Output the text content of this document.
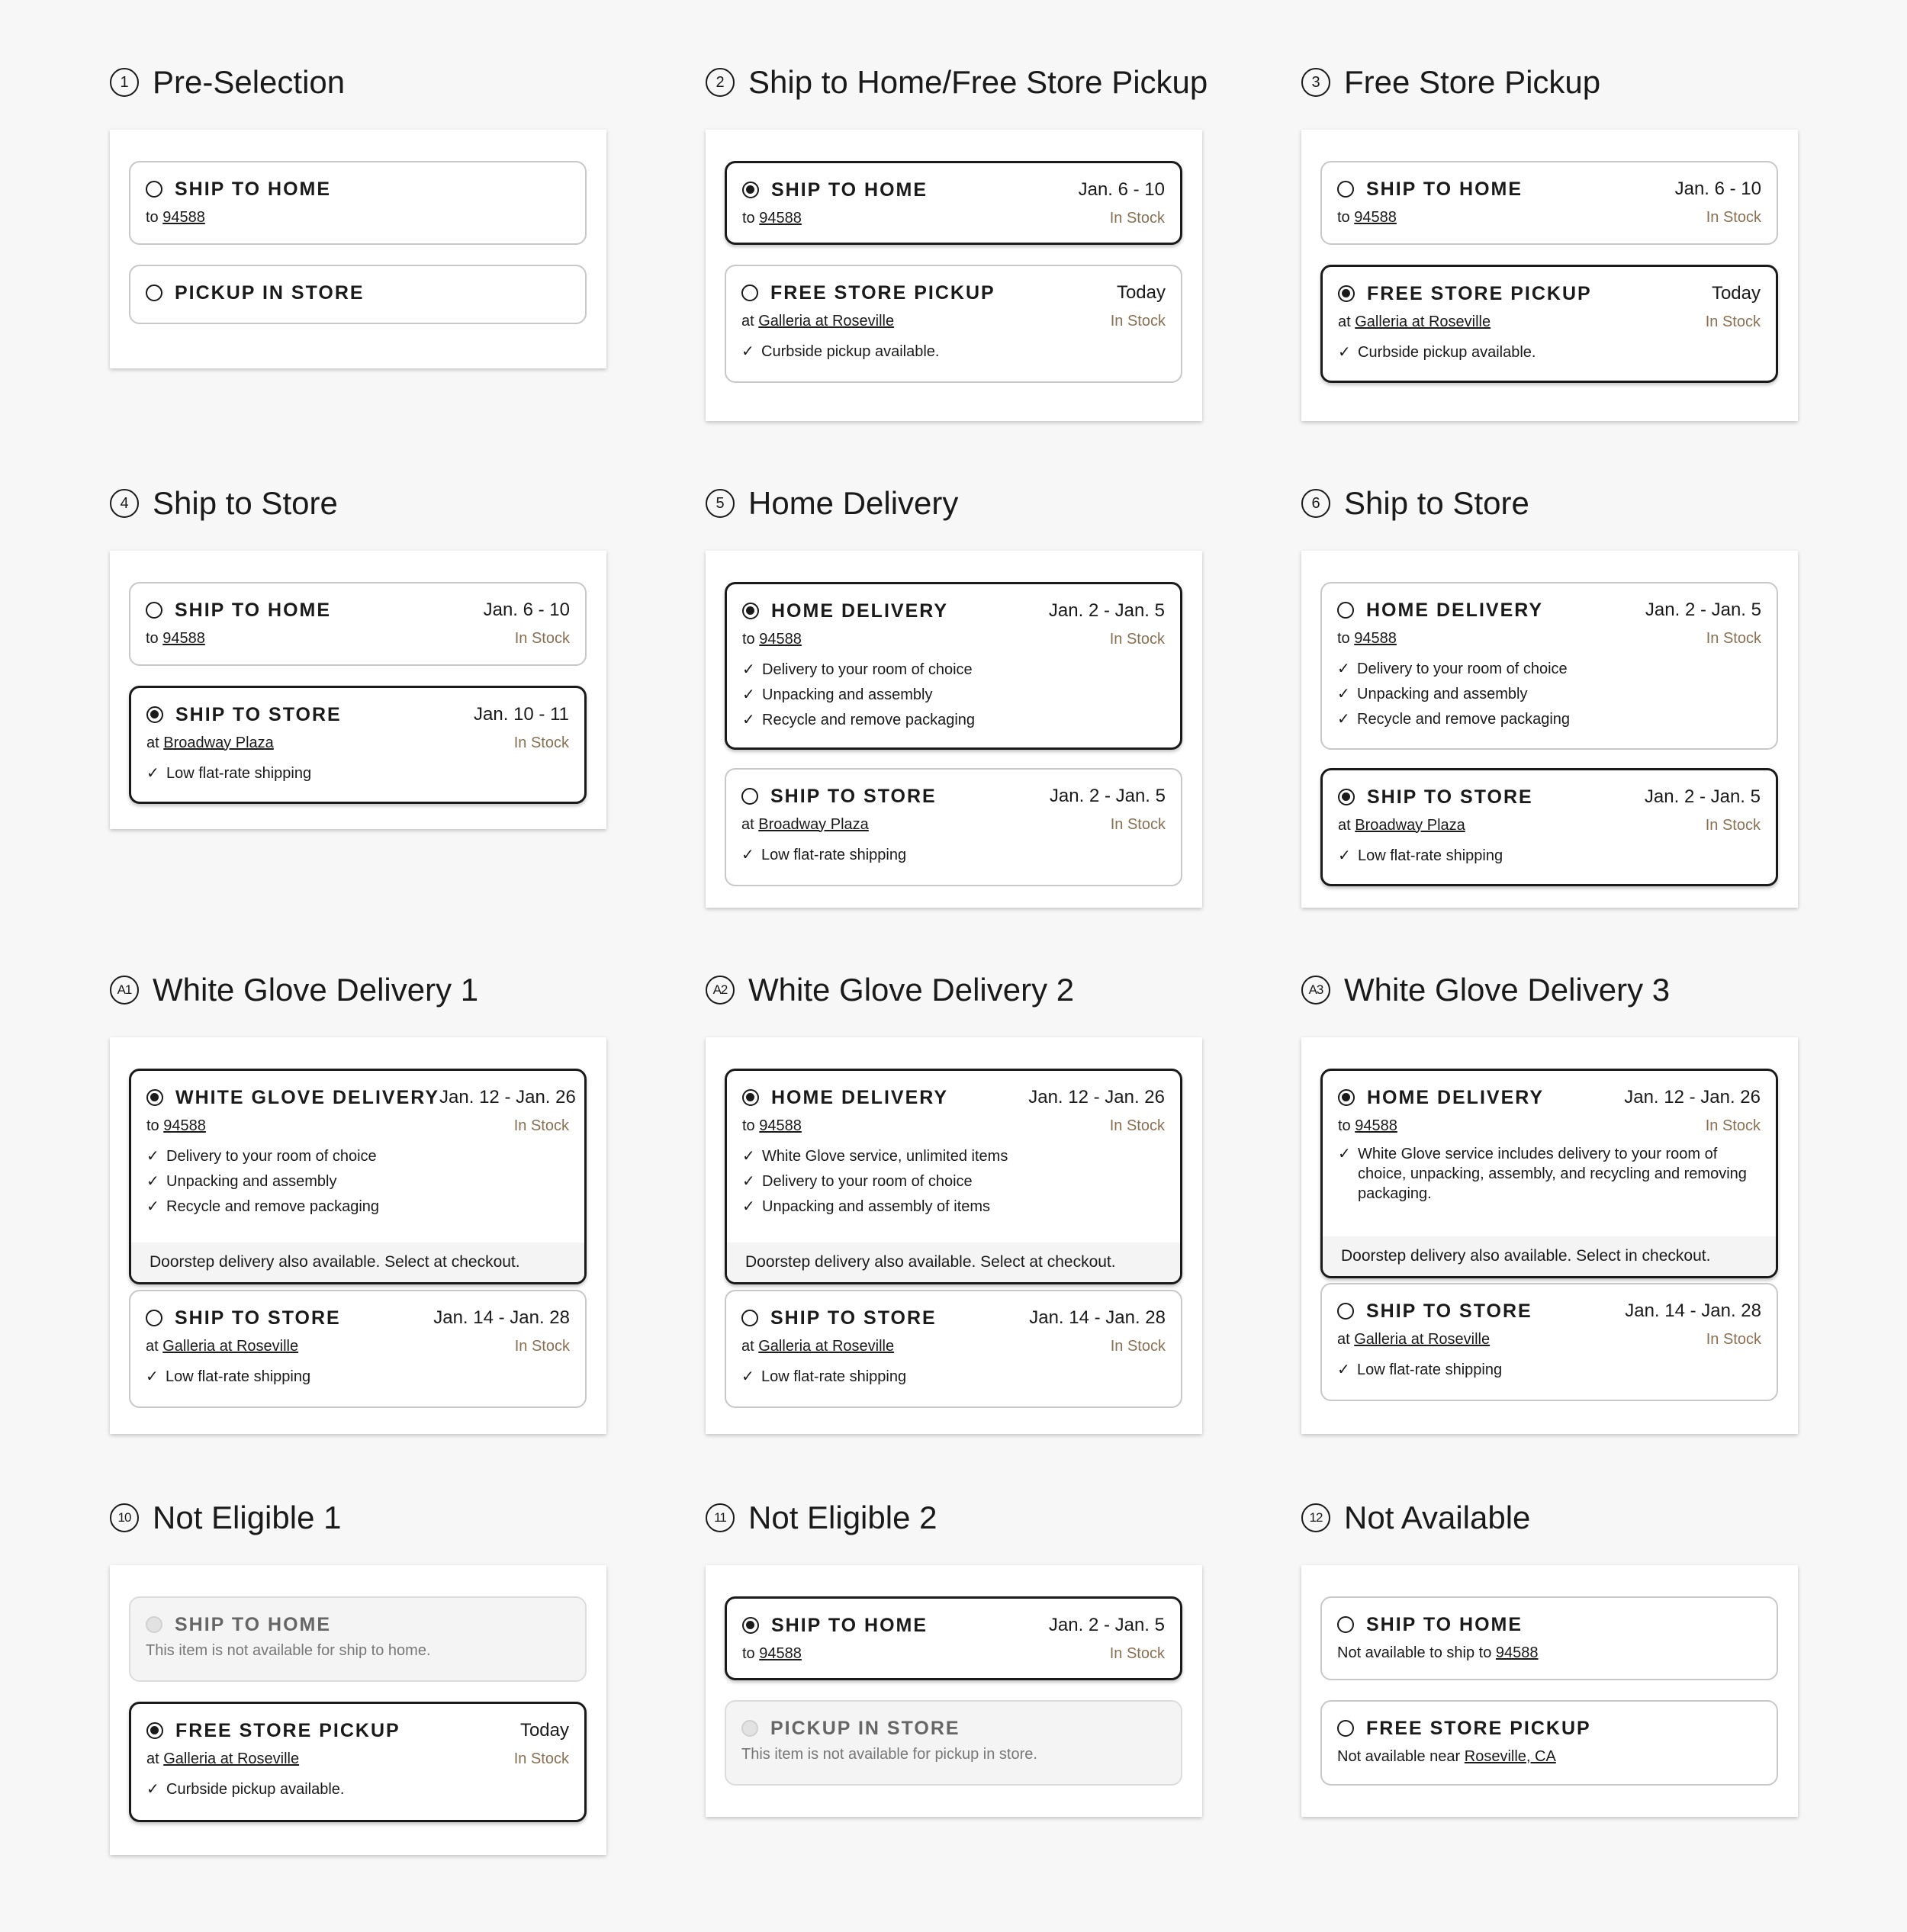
1 Pre-Selection
SHIP TO HOME
to 94588
PICKUP IN STORE
2 Ship to Home/Free Store Pickup
SHIP TO HOME	Jan. 6 - 10
to 94588	In Stock
FREE STORE PICKUP	Today
at Galleria at Roseville	In Stock
✓ Curbside pickup available.
3 Free Store Pickup
SHIP TO HOME	Jan. 6 - 10
to 94588	In Stock
FREE STORE PICKUP	Today
at Galleria at Roseville	In Stock
✓ Curbside pickup available.
4 Ship to Store
SHIP TO HOME	Jan. 6 - 10
to 94588	In Stock
SHIP TO STORE	Jan. 10 - 11
at Broadway Plaza	In Stock
✓ Low flat-rate shipping
5 Home Delivery
HOME DELIVERY	Jan. 2 - Jan. 5
to 94588	In Stock
✓ Delivery to your room of choice
✓ Unpacking and assembly
✓ Recycle and remove packaging
SHIP TO STORE	Jan. 2 - Jan. 5
at Broadway Plaza	In Stock
✓ Low flat-rate shipping
6 Ship to Store
HOME DELIVERY	Jan. 2 - Jan. 5
to 94588	In Stock
✓ Delivery to your room of choice
✓ Unpacking and assembly
✓ Recycle and remove packaging
SHIP TO STORE	Jan. 2 - Jan. 5
at Broadway Plaza	In Stock
✓ Low flat-rate shipping
A1 White Glove Delivery 1
WHITE GLOVE DELIVERY Jan. 12 - Jan. 26
to 94588	In Stock
✓ Delivery to your room of choice
✓ Unpacking and assembly
✓ Recycle and remove packaging
Doorstep delivery also available. Select at checkout.
SHIP TO STORE	Jan. 14 - Jan. 28
at Galleria at Roseville	In Stock
✓ Low flat-rate shipping
A2 White Glove Delivery 2
HOME DELIVERY	Jan. 12 - Jan. 26
to 94588	In Stock
✓ White Glove service, unlimited items
✓ Delivery to your room of choice
✓ Unpacking and assembly of items
Doorstep delivery also available. Select at checkout.
SHIP TO STORE	Jan. 14 - Jan. 28
at Galleria at Roseville	In Stock
✓ Low flat-rate shipping
A3 White Glove Delivery 3
HOME DELIVERY	Jan. 12 - Jan. 26
to 94588	In Stock
✓ White Glove service includes delivery to your room of choice, unpacking, assembly, and recycling and removing packaging.
Doorstep delivery also available. Select in checkout.
SHIP TO STORE	Jan. 14 - Jan. 28
at Galleria at Roseville	In Stock
✓ Low flat-rate shipping
10 Not Eligible 1
SHIP TO HOME
This item is not available for ship to home.
FREE STORE PICKUP	Today
at Galleria at Roseville	In Stock
✓ Curbside pickup available.
11 Not Eligible 2
SHIP TO HOME	Jan. 2 - Jan. 5
to 94588	In Stock
PICKUP IN STORE
This item is not available for pickup in store.
12 Not Available
SHIP TO HOME
Not available to ship to 94588
FREE STORE PICKUP
Not available near Roseville, CA
